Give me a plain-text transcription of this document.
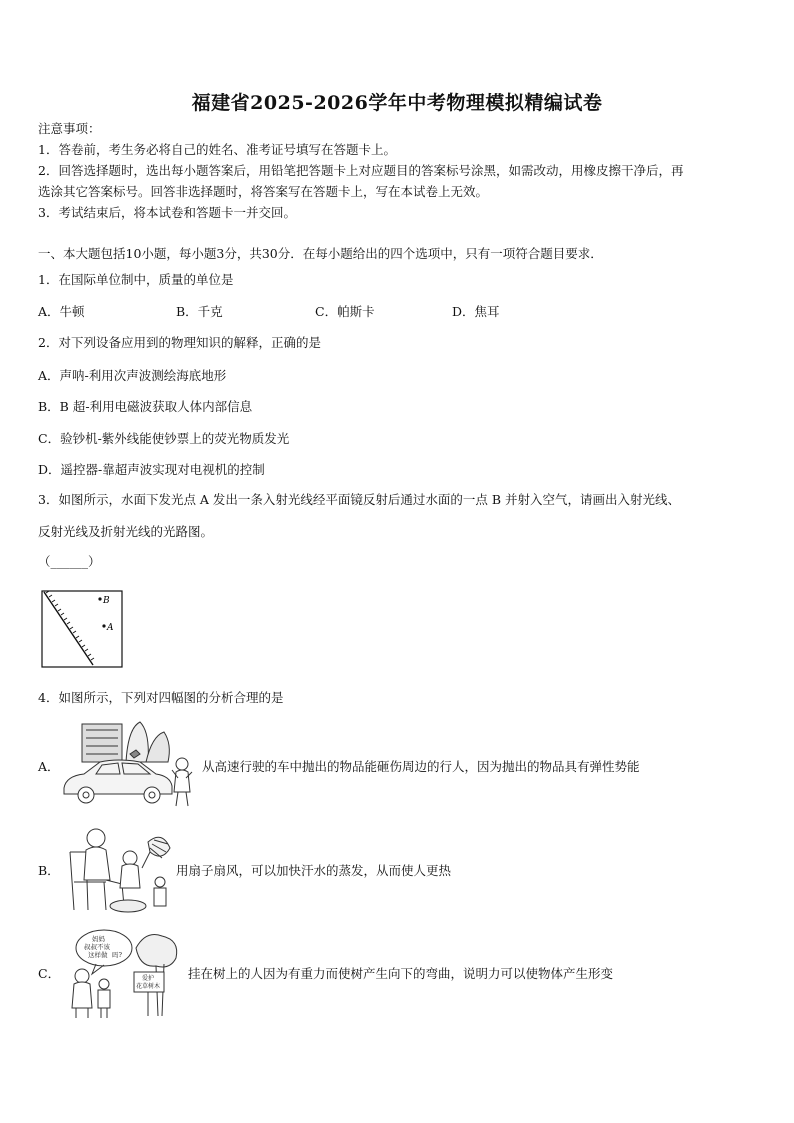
福建省2025-2026学年中考物理模拟精编试卷
注意事项：
1．答卷前，考生务必将自己的姓名、准考证号填写在答题卡上。
2．回答选择题时，选出每小题答案后，用铅笔把答题卡上对应题目的答案标号涂黑，如需改动，用橡皮擦干净后，再
选涂其它答案标号。回答非选择题时，将答案写在答题卡上，写在本试卷上无效。
3．考试结束后，将本试卷和答题卡一并交回。
一、本大题包括10小题，每小题3分，共30分．在每小题给出的四个选项中，只有一项符合题目要求．
1．在国际单位制中，质量的单位是
A．牛顿	B．千克	C．帕斯卡	D．焦耳
2．对下列设备应用到的物理知识的解释，正确的是
A．声呐-利用次声波测绘海底地形
B．B 超-利用电磁波获取人体内部信息
C．验钞机-紫外线能使钞票上的荧光物质发光
D．遥控器-靠超声波实现对电视机的控制
3．如图所示，水面下发光点 A 发出一条入射光线经平面镜反射后通过水面的一点 B 并射入空气，请画出入射光线、
反射光线及折射光线的光路图。
（______）
B
A
4．如图所示，下列对四幅图的分析合理的是
A．	从高速行驶的车中抛出的物品能砸伤周边的行人，因为抛出的物品具有弹性势能
B．	用扇子扇风，可以加快汗水的蒸发，从而使人更热
C．
妈妈
叔叔不该
这样做 吗?
爱护
花草树木
挂在树上的人因为有重力而使树产生向下的弯曲，说明力可以使物体产生形变
